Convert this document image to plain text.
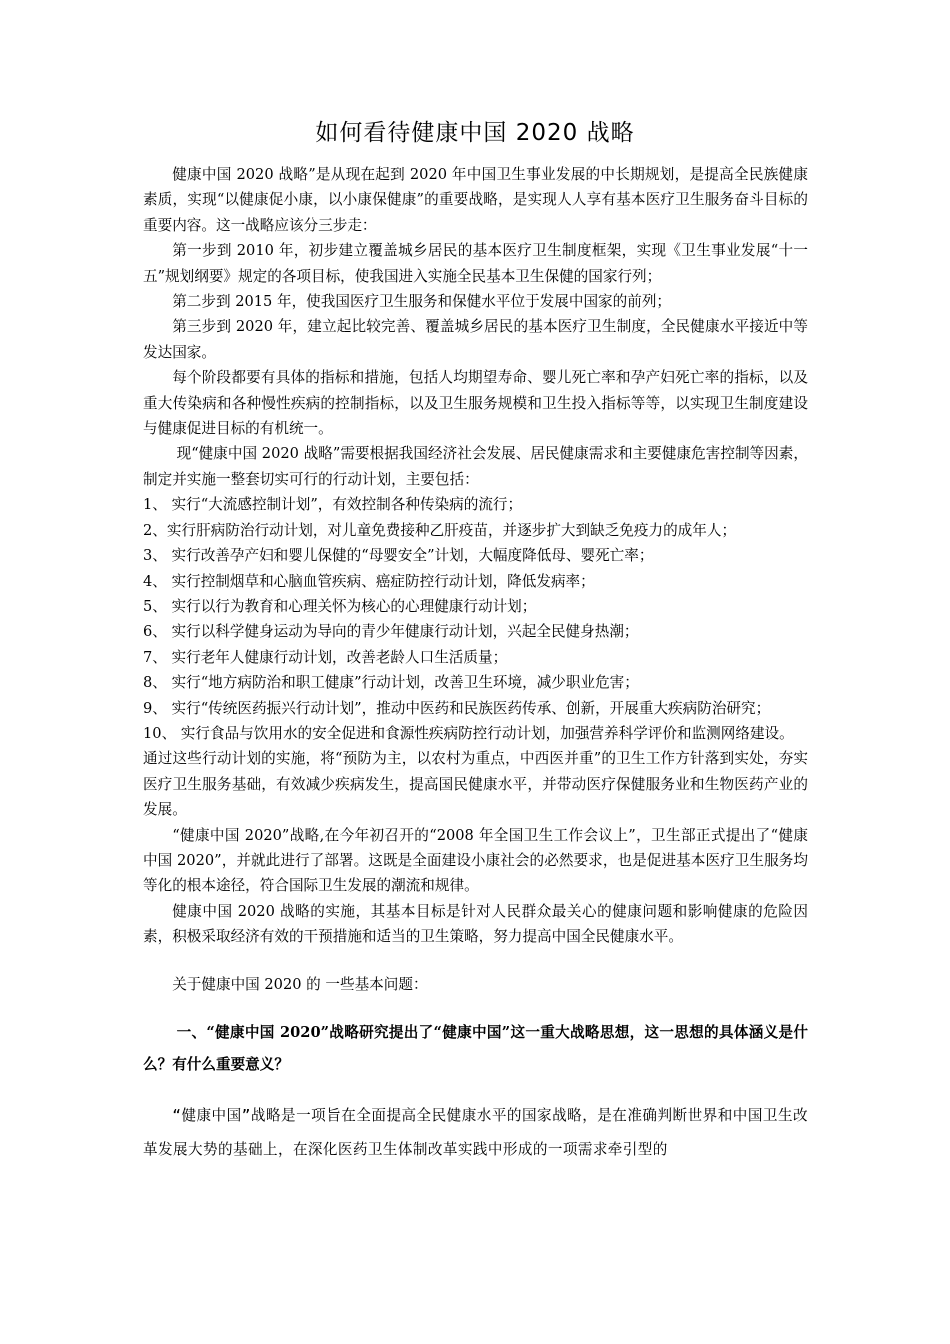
如何看待健康中国 2020 战略

健康中国 2020 战略”是从现在起到 2020 年中国卫生事业发展的中长期规划，是提高全民族健康素质，实现“以健康促小康，以小康保健康”的重要战略，是实现人人享有基本医疗卫生服务奋斗目标的重要内容。这一战略应该分三步走：

第一步到 2010 年，初步建立覆盖城乡居民的基本医疗卫生制度框架，实现《卫生事业发展“十一五”规划纲要》规定的各项目标，使我国进入实施全民基本卫生保健的国家行列；

第二步到 2015 年，使我国医疗卫生服务和保健水平位于发展中国家的前列；

第三步到 2020 年，建立起比较完善、覆盖城乡居民的基本医疗卫生制度，全民健康水平接近中等发达国家。

每个阶段都要有具体的指标和措施，包括人均期望寿命、婴儿死亡率和孕产妇死亡率的指标，以及重大传染病和各种慢性疾病的控制指标，以及卫生服务规模和卫生投入指标等等，以实现卫生制度建设与健康促进目标的有机统一。

现“健康中国 2020 战略”需要根据我国经济社会发展、居民健康需求和主要健康危害控制等因素，制定并实施一整套切实可行的行动计划，主要包括：

1、 实行“大流感控制计划”，有效控制各种传染病的流行；

2、实行肝病防治行动计划，对儿童免费接种乙肝疫苗，并逐步扩大到缺乏免疫力的成年人；

3、 实行改善孕产妇和婴儿保健的“母婴安全”计划，大幅度降低母、婴死亡率；

4、 实行控制烟草和心脑血管疾病、癌症防控行动计划，降低发病率；

5、 实行以行为教育和心理关怀为核心的心理健康行动计划；

6、 实行以科学健身运动为导向的青少年健康行动计划，兴起全民健身热潮；

7、 实行老年人健康行动计划，改善老龄人口生活质量；

8、 实行“地方病防治和职工健康”行动计划，改善卫生环境，减少职业危害；

9、 实行“传统医药振兴行动计划”，推动中医药和民族医药传承、创新，开展重大疾病防治研究；

10、 实行食品与饮用水的安全促进和食源性疾病防控行动计划，加强营养科学评价和监测网络建设。

通过这些行动计划的实施，将“预防为主，以农村为重点，中西医并重”的卫生工作方针落到实处，夯实医疗卫生服务基础，有效减少疾病发生，提高国民健康水平，并带动医疗保健服务业和生物医药产业的发展。

“健康中国 2020”战略,在今年初召开的“2008 年全国卫生工作会议上”，卫生部正式提出了“健康中国 2020”，并就此进行了部署。这既是全面建设小康社会的必然要求，也是促进基本医疗卫生服务均等化的根本途径，符合国际卫生发展的潮流和规律。

健康中国 2020 战略的实施，其基本目标是针对人民群众最关心的健康问题和影响健康的危险因素，积极采取经济有效的干预措施和适当的卫生策略，努力提高中国全民健康水平。

关于健康中国 2020 的 一些基本问题：

一、“健康中国 2020”战略研究提出了“健康中国”这一重大战略思想，这一思想的具体涵义是什么？有什么重要意义？

“健康中国”战略是一项旨在全面提高全民健康水平的国家战略，是在准确判断世界和中国卫生改革发展大势的基础上，在深化医药卫生体制改革实践中形成的一项需求牵引型的
